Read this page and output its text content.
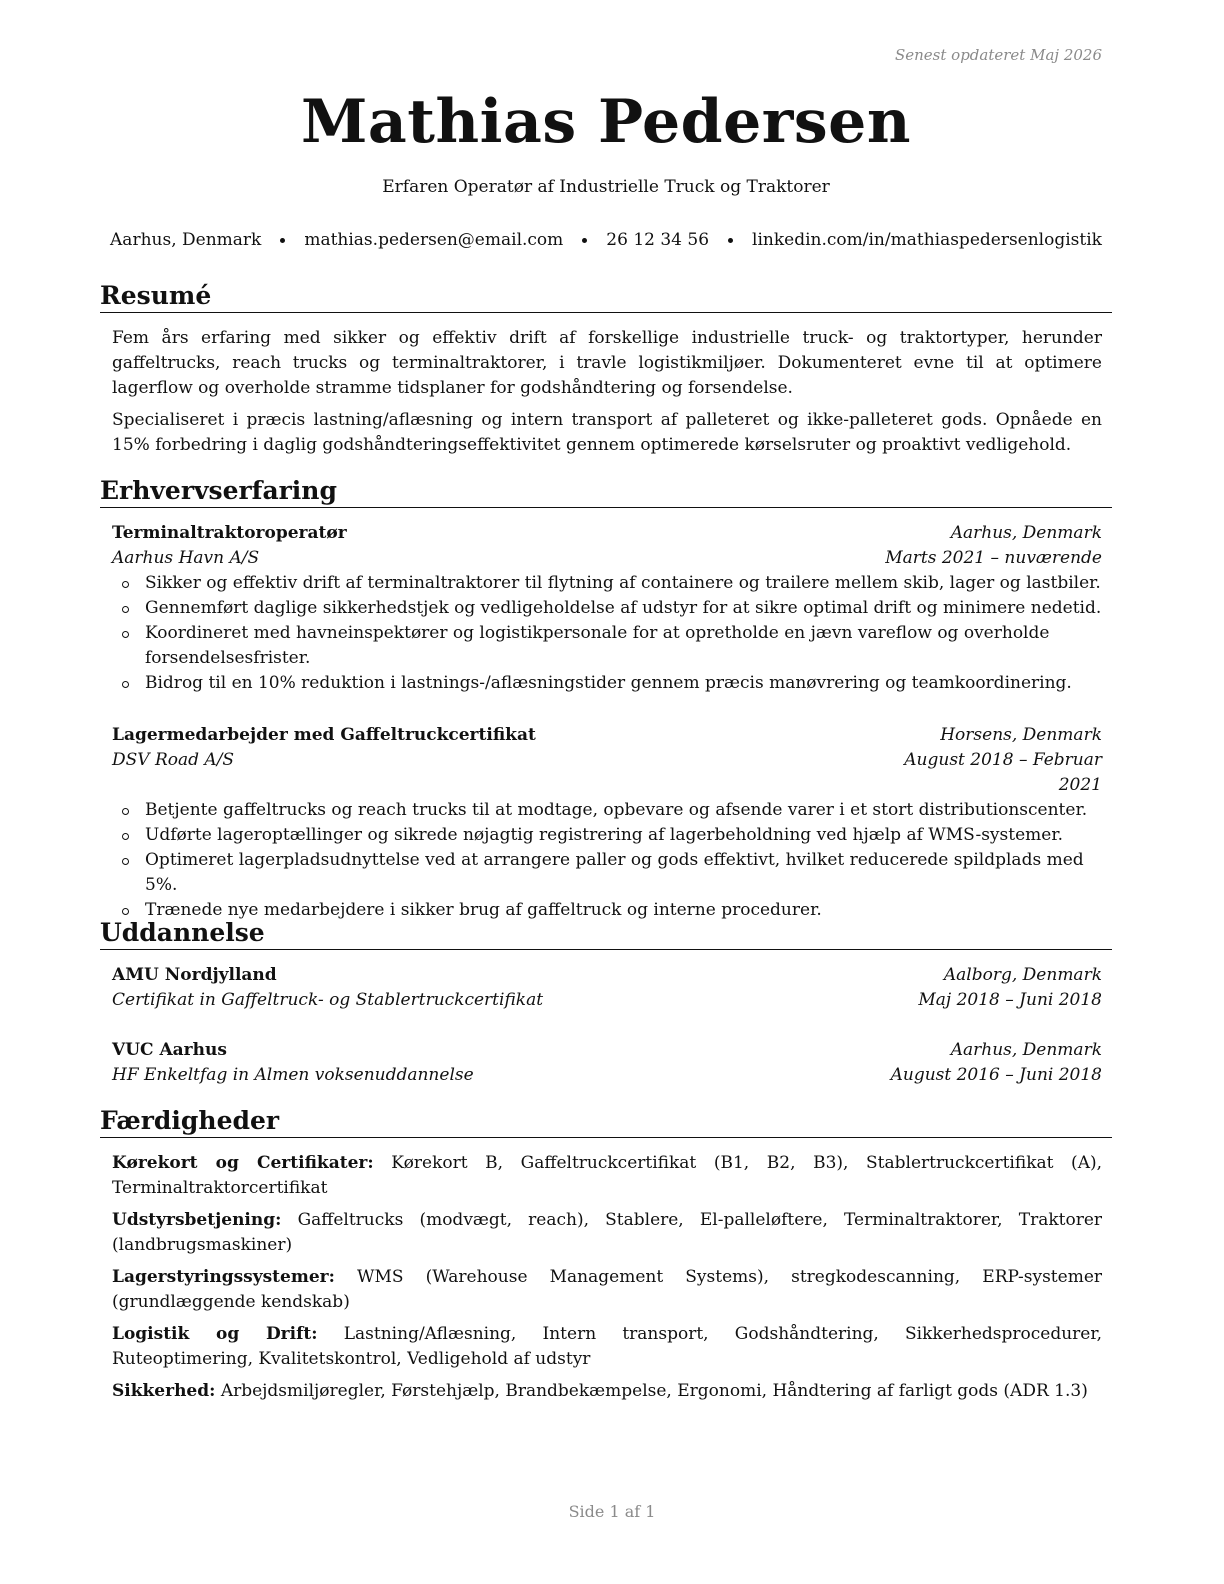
Senest opdateret Maj 2026
Mathias Pedersen
Erfaren Operatør af Industrielle Truck og Traktorer
Aarhus, Denmark	mathias.pedersen@email.com	26 12 34 56	linkedin.com/in/mathiaspedersenlogistik
Resumé

Fem års erfaring med sikker og effektiv drift af forskellige industrielle truck- og traktortyper, herunder gaffeltrucks, reach trucks og terminaltraktorer, i travle logistikmiljøer. Dokumenteret evne til at optimere lagerflow og overholde stramme tidsplaner for godshåndtering og forsendelse.

Specialiseret i præcis lastning/aflæsning og intern transport af palleteret og ikke-palleteret gods. Opnåede en 15% forbedring i daglig godshåndteringseffektivitet gennem optimerede kørselsruter og proaktivt vedligehold.

Erhvervserfaring
Terminaltraktoroperatør	Aarhus, Denmark
Aarhus Havn A/S	Marts 2021 – nuværende
Sikker og effektiv drift af terminaltraktorer til flytning af containere og trailere mellem skib, lager og lastbiler.
Gennemført daglige sikkerhedstjek og vedligeholdelse af udstyr for at sikre optimal drift og minimere nedetid.
Koordineret med havneinspektører og logistikpersonale for at opretholde en jævn vareflow og overholde forsendelsesfrister.
Bidrog til en 10% reduktion i lastnings-/aflæsningstider gennem præcis manøvrering og teamkoordinering.
Lagermedarbejder med Gaffeltruckcertifikat	Horsens, Denmark
DSV Road A/S	August 2018 – Februar 2021
Betjente gaffeltrucks og reach trucks til at modtage, opbevare og afsende varer i et stort distributionscenter.
Udførte lageroptællinger og sikrede nøjagtig registrering af lagerbeholdning ved hjælp af WMS-systemer.
Optimeret lagerpladsudnyttelse ved at arrangere paller og gods effektivt, hvilket reducerede spildplads med 5%.
Trænede nye medarbejdere i sikker brug af gaffeltruck og interne procedurer.
Uddannelse
AMU Nordjylland	Aalborg, Denmark
Certifikat in Gaffeltruck- og Stablertruckcertifikat	Maj 2018 – Juni 2018
VUC Aarhus	Aarhus, Denmark
HF Enkeltfag in Almen voksenuddannelse	August 2016 – Juni 2018
Færdigheder

Kørekort og Certifikater: Kørekort B, Gaffeltruckcertifikat (B1, B2, B3), Stablertruckcertifikat (A), Terminaltraktorcertifikat

Udstyrsbetjening: Gaffeltrucks (modvægt, reach), Stablere, El-palleløftere, Terminaltraktorer, Traktorer (landbrugsmaskiner)

Lagerstyringssystemer: WMS (Warehouse Management Systems), stregkodescanning, ERP-systemer (grundlæggende kendskab)

Logistik og Drift: Lastning/Aflæsning, Intern transport, Godshåndtering, Sikkerhedsprocedurer, Ruteoptimering, Kvalitetskontrol, Vedligehold af udstyr

Sikkerhed: Arbejdsmiljøregler, Førstehjælp, Brandbekæmpelse, Ergonomi, Håndtering af farligt gods (ADR 1.3)

Side 1 af 1
